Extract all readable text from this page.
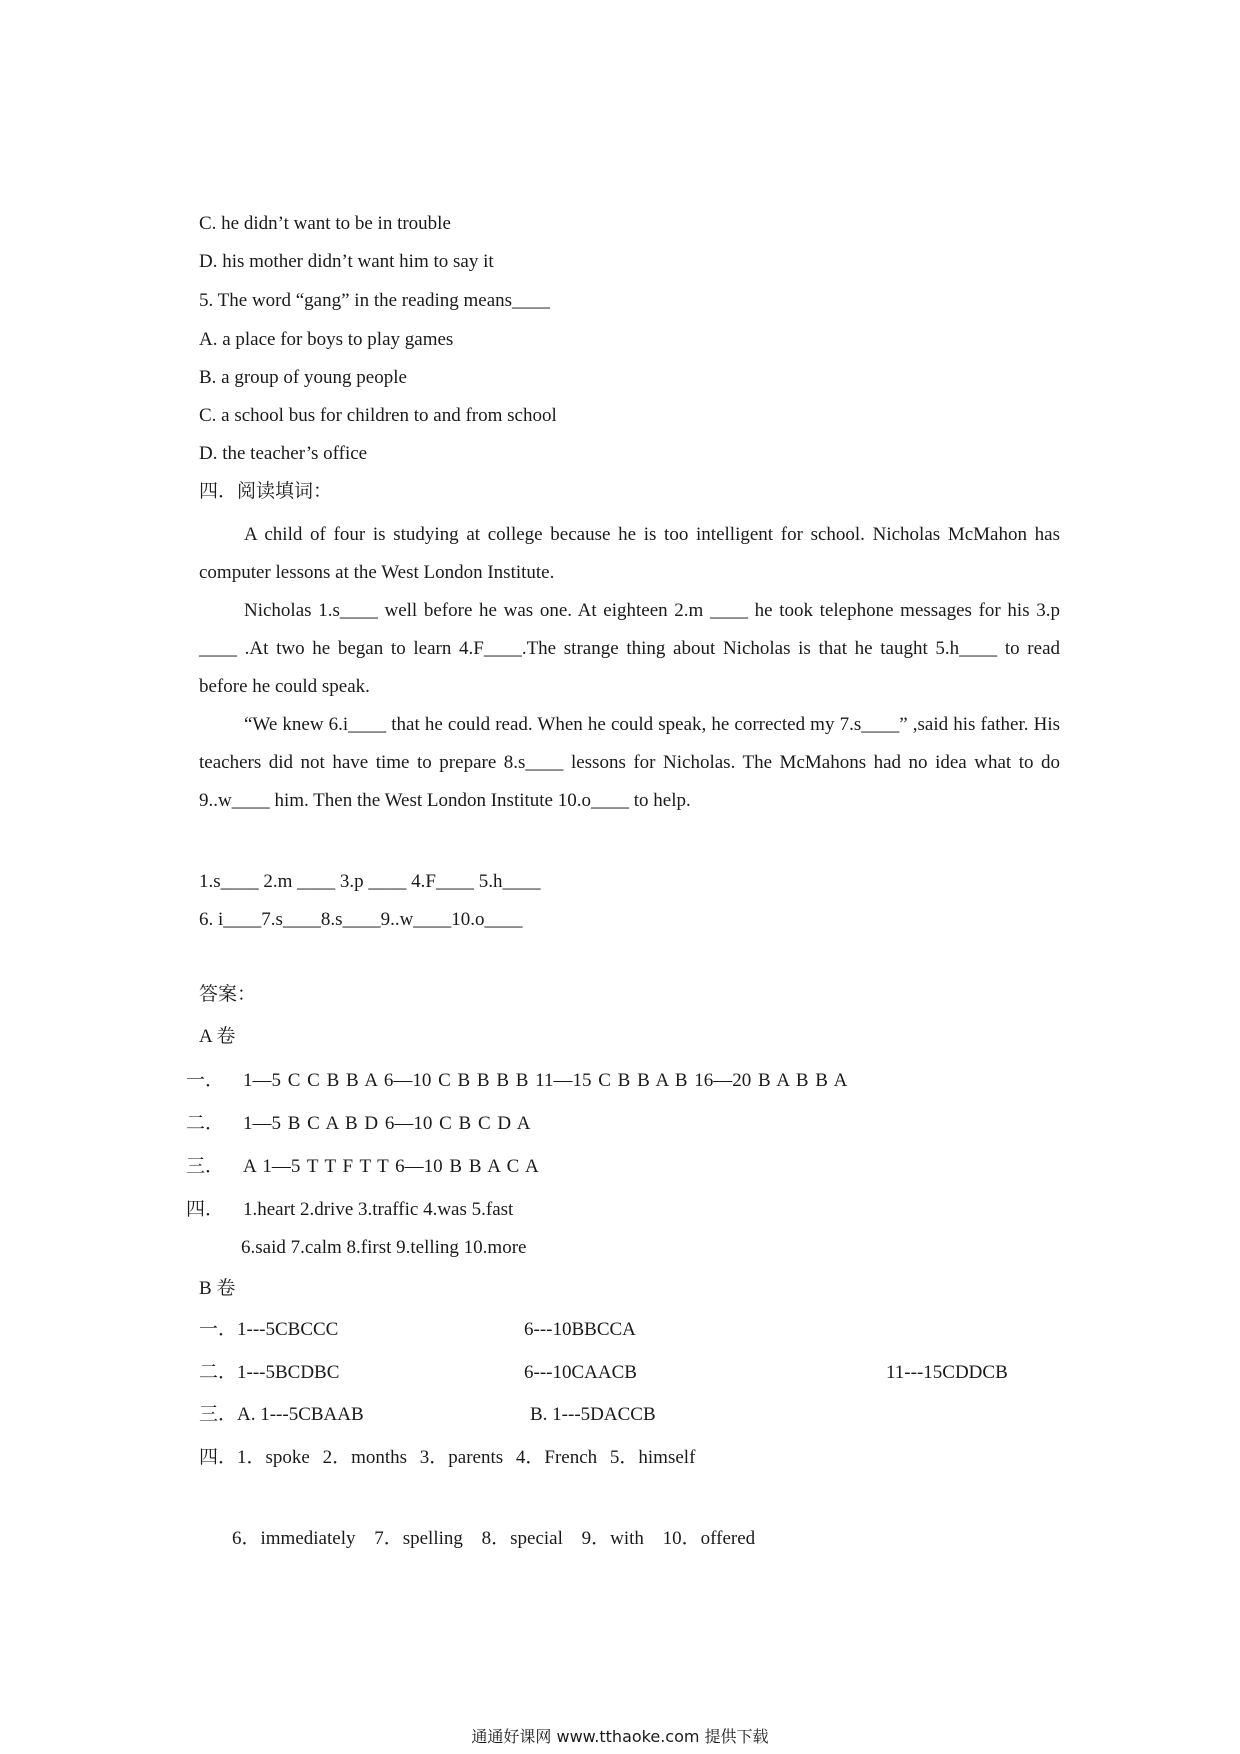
C. he didn’t want to be in trouble
D. his mother didn’t want him to say it
5. The word “gang” in the reading means____
A. a place for boys to play games
B. a group of young people
C. a school bus for children to and from school
D. the teacher’s office
四．阅读填词：
A child of four is studying at college because he is too intelligent for school. Nicholas McMahon has computer lessons at the West London Institute.
Nicholas 1.s____ well before he was one. At eighteen 2.m ____ he took telephone messages for his 3.p ____ .At two he began to learn 4.F____.The strange thing about Nicholas is that he taught 5.h____ to read before he could speak.
“We knew 6.i____ that he could read. When he could speak, he corrected my 7.s____” ,said his father. His teachers did not have time to prepare 8.s____ lessons for Nicholas. The McMahons had no idea what to do 9..w____ him. Then the West London Institute 10.o____ to help.
1.s____ 2.m ____ 3.p ____ 4.F____ 5.h____
6. i____7.s____8.s____9..w____10.o____
答案：
A 卷
一． 1—5 C C B B A 6—10 C B B B B 11—15 C B B A B 16—20 B A B B A
二． 1—5 B C A B D 6—10 C B C D A
三． A 1—5 T T F T T 6—10 B B A C A
四． 1.heart 2.drive 3.traffic 4.was 5.fast
6.said 7.calm 8.first 9.telling 10.more
B 卷
一．1---5CBCCC	6---10BBCCA
二．1---5BCDBC	6---10CAACB	11---15CDDCB
三．A. 1---5CBAAB	B. 1---5DACCB
四．1．spoke 2．months 3．parents 4．French 5．himself
6．immediately 7．spelling 8．special 9．with 10．offered
通通好课网 www.tthaoke.com 提供下载
